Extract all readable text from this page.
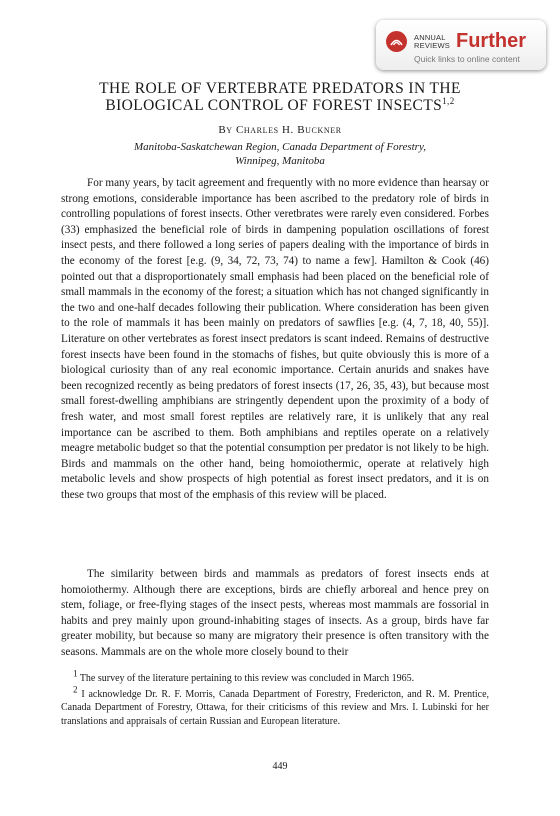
ANNUAL
REVIEWS Further
Quick links to online content
THE ROLE OF VERTEBRATE PREDATORS IN THE
BIOLOGICAL CONTROL OF FOREST INSECTS$^{1,2}$
By Charles H. Buckner
Manitoba-Saskatchewan Region, Canada Department of Forestry,
Winnipeg, Manitoba

For many years, by tacit agreement and frequently with no more evidence than hearsay or strong emotions, considerable importance has been ascribed to the predatory role of birds in controlling populations of forest insects. Other veretbrates were rarely even considered. Forbes (33) emphasized the beneficial role of birds in dampening population oscillations of forest insect pests, and there followed a long series of papers dealing with the importance of birds in the economy of the forest [e.g. (9, 34, 72, 73, 74) to name a few]. Hamilton & Cook (46) pointed out that a disproportionately small emphasis had been placed on the beneficial role of small mammals in the economy of the forest; a situation which has not changed significantly in the two and one-half decades following their publication. Where consideration has been given to the role of mammals it has been mainly on predators of sawflies [e.g. (4, 7, 18, 40, 55)]. Literature on other vertebrates as forest insect predators is scant indeed. Remains of destructive forest insects have been found in the stomachs of fishes, but quite obviously this is more of a biological curiosity than of any real economic importance. Certain anurids and snakes have been recognized recently as being predators of forest insects (17, 26, 35, 43), but because most small forest-dwelling amphibians are stringently dependent upon the proximity of a body of fresh water, and most small forest reptiles are relatively rare, it is unlikely that any real importance can be ascribed to them. Both amphibians and reptiles operate on a relatively meagre metabolic budget so that the potential consumption per predator is not likely to be high. Birds and mammals on the other hand, being homoiothermic, operate at relatively high metabolic levels and show prospects of high potential as forest insect predators, and it is on these two groups that most of the emphasis of this review will be placed.

The similarity between birds and mammals as predators of forest insects ends at homoiothermy. Although there are exceptions, birds are chiefly arboreal and hence prey on stem, foliage, or free-flying stages of the insect pests, whereas most mammals are fossorial in habits and prey mainly upon ground-inhabiting stages of insects. As a group, birds have far greater mobility, but because so many are migratory their presence is often transitory with the seasons. Mammals are on the whole more closely bound to their

$^1$ The survey of the literature pertaining to this review was concluded in March 1965.

$^2$ I acknowledge Dr. R. F. Morris, Canada Department of Forestry, Fredericton, and R. M. Prentice, Canada Department of Forestry, Ottawa, for their criticisms of this review and Mrs. I. Lubinski for her translations and appraisals of certain Russian and European literature.

449
